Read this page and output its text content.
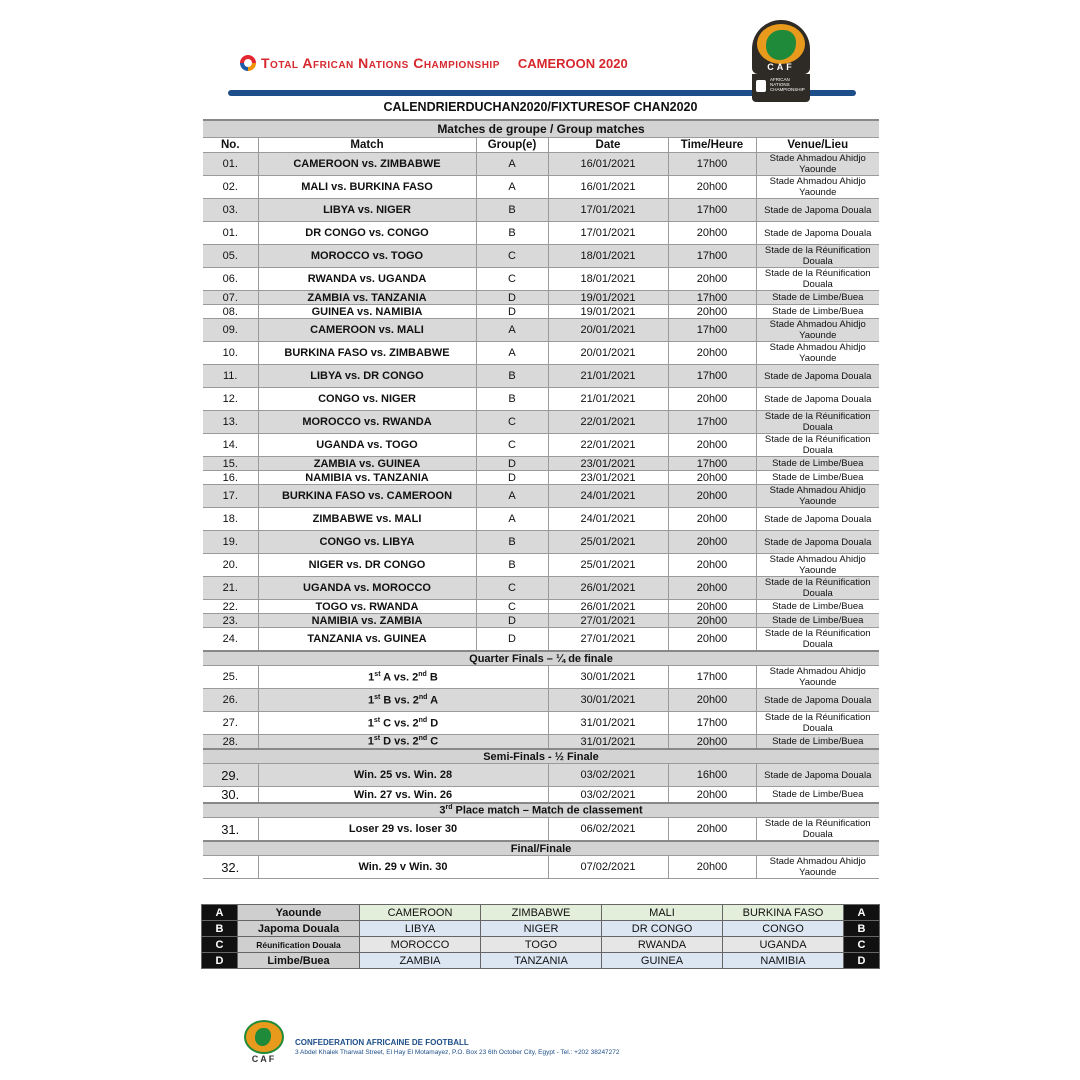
Total African Nations Championship CAMEROON 2020	CAF
AFRICAN NATIONS CHAMPIONSHIP
CALENDRIERDUCHAN2020/FIXTURESOF CHAN2020
Matches de groupe / Group matches					
No.	Match	Group(e)	Date	Time/Heure	Venue/Lieu
01.	CAMEROON vs. ZIMBABWE	A	16/01/2021	17h00	Stade Ahmadou Ahidjo Yaounde
02.	MALI vs. BURKINA FASO	A	16/01/2021	20h00	Stade Ahmadou Ahidjo Yaounde
03.	LIBYA vs. NIGER	B	17/01/2021	17h00	Stade de Japoma Douala
01.	DR CONGO vs. CONGO	B	17/01/2021	20h00	Stade de Japoma Douala
05.	MOROCCO vs. TOGO	C	18/01/2021	17h00	Stade de la Réunification Douala
06.	RWANDA vs. UGANDA	C	18/01/2021	20h00	Stade de la Réunification Douala
07.	ZAMBIA vs. TANZANIA	D	19/01/2021	17h00	Stade de Limbe/Buea
08.	GUINEA vs. NAMIBIA	D	19/01/2021	20h00	Stade de Limbe/Buea
09.	CAMEROON vs. MALI	A	20/01/2021	17h00	Stade Ahmadou Ahidjo Yaounde
10.	BURKINA FASO vs. ZIMBABWE	A	20/01/2021	20h00	Stade Ahmadou Ahidjo Yaounde
11.	LIBYA vs. DR CONGO	B	21/01/2021	17h00	Stade de Japoma Douala
12.	CONGO vs. NIGER	B	21/01/2021	20h00	Stade de Japoma Douala
13.	MOROCCO vs. RWANDA	C	22/01/2021	17h00	Stade de la Réunification Douala
14.	UGANDA vs. TOGO	C	22/01/2021	20h00	Stade de la Réunification Douala
15.	ZAMBIA vs. GUINEA	D	23/01/2021	17h00	Stade de Limbe/Buea
16.	NAMIBIA vs. TANZANIA	D	23/01/2021	20h00	Stade de Limbe/Buea
17.	BURKINA FASO vs. CAMEROON	A	24/01/2021	20h00	Stade Ahmadou Ahidjo Yaounde
18.	ZIMBABWE vs. MALI	A	24/01/2021	20h00	Stade de Japoma Douala
19.	CONGO vs. LIBYA	B	25/01/2021	20h00	Stade de Japoma Douala
20.	NIGER vs. DR CONGO	B	25/01/2021	20h00	Stade Ahmadou Ahidjo Yaounde
21.	UGANDA vs. MOROCCO	C	26/01/2021	20h00	Stade de la Réunification Douala
22.	TOGO vs. RWANDA	C	26/01/2021	20h00	Stade de Limbe/Buea
23.	NAMIBIA vs. ZAMBIA	D	27/01/2021	20h00	Stade de Limbe/Buea
24.	TANZANIA vs. GUINEA	D	27/01/2021	20h00	Stade de la Réunification Douala
Quarter Finals – ¼ de finale					
25.	1st A vs. 2nd B		30/01/2021	17h00	Stade Ahmadou Ahidjo Yaounde
26.	1st B vs. 2nd A		30/01/2021	20h00	Stade de Japoma Douala
27.	1st C vs. 2nd D		31/01/2021	17h00	Stade de la Réunification Douala
28.	1st D vs. 2nd C		31/01/2021	20h00	Stade de Limbe/Buea
Semi-Finals - ½ Finale					
29.	Win. 25 vs. Win. 28		03/02/2021	16h00	Stade de Japoma Douala
30.	Win. 27 vs. Win. 26		03/02/2021	20h00	Stade de Limbe/Buea
3rd Place match – Match de classement					
31.	Loser 29 vs. loser 30		06/02/2021	20h00	Stade de la Réunification Douala
Final/Finale					
32.	Win. 29 v Win. 30		07/02/2021	20h00	Stade Ahmadou Ahidjo Yaounde
A	Yaounde	CAMEROON	ZIMBABWE	MALI	BURKINA FASO	A
B	Japoma Douala	LIBYA	NIGER	DR CONGO	CONGO	B
C	Réunification Douala	MOROCCO	TOGO	RWANDA	UGANDA	C
D	Limbe/Buea	ZAMBIA	TANZANIA	GUINEA	NAMIBIA	D
CAF
CONFEDERATION AFRICAINE DE FOOTBALL
3 Abdel Khalek Tharwat Street, El Hay El Motamayez, P.O. Box 23 6th October City, Egypt - Tel.: +202 38247272
